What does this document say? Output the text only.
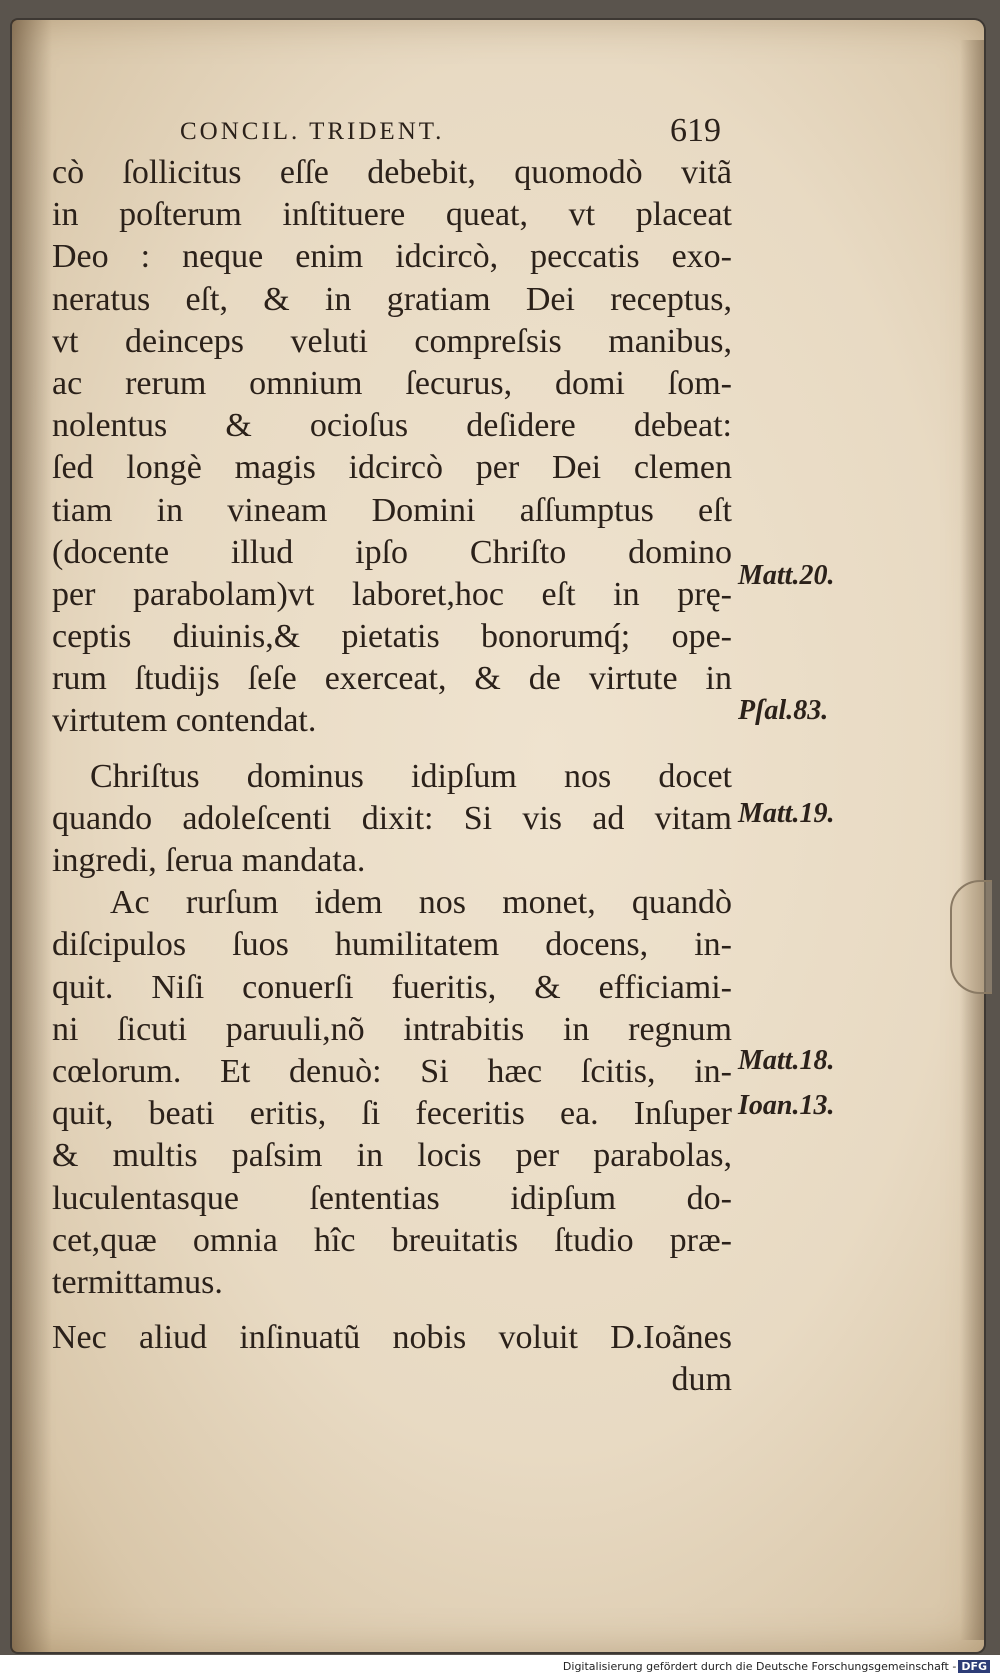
CONCIL. TRIDENT.	619
cò ſollicitus eſſe debebit, quomodò vitã
in poſterum inſtituere queat, vt placeat
Deo : neque enim idcircò, peccatis exo-
neratus eſt, & in gratiam Dei receptus,
vt deinceps veluti compreſsis manibus,
ac rerum omnium ſecurus, domi ſom-
nolentus & ocioſus deſidere debeat:
ſed longè magis idcircò per Dei clemen
tiam in vineam Domini aſſumptus eſt
(docente illud ipſo Chriſto domino
per parabolam)vt laboret,hoc eſt in prę-
ceptis diuinis,& pietatis bonorumq́; ope-
rum ſtudijs ſeſe exerceat, & de virtute in
virtutem contendat.
Chriſtus dominus idipſum nos docet
quando adoleſcenti dixit: Si vis ad vitam
ingredi, ſerua mandata.
Ac rurſum idem nos monet, quandò
diſcipulos ſuos humilitatem docens, in-
quit. Niſi conuerſi fueritis, & efficiami-
ni ſicuti paruuli,nõ intrabitis in regnum
cœlorum. Et denuò: Si hæc ſcitis, in-
quit, beati eritis, ſi feceritis ea. Inſuper
& multis paſsim in locis per parabolas,
luculentasque ſententias idipſum do-
cet,quæ omnia hîc breuitatis ſtudio præ-
termittamus.
Nec aliud inſinuatũ nobis voluit D.Ioãnes
dum
Matt.20.
Pſal.83.
Matt.19.
Matt.18.
Ioan.13.
Digitalisierung gefördert durch die Deutsche Forschungsgemeinschaft - DFG
